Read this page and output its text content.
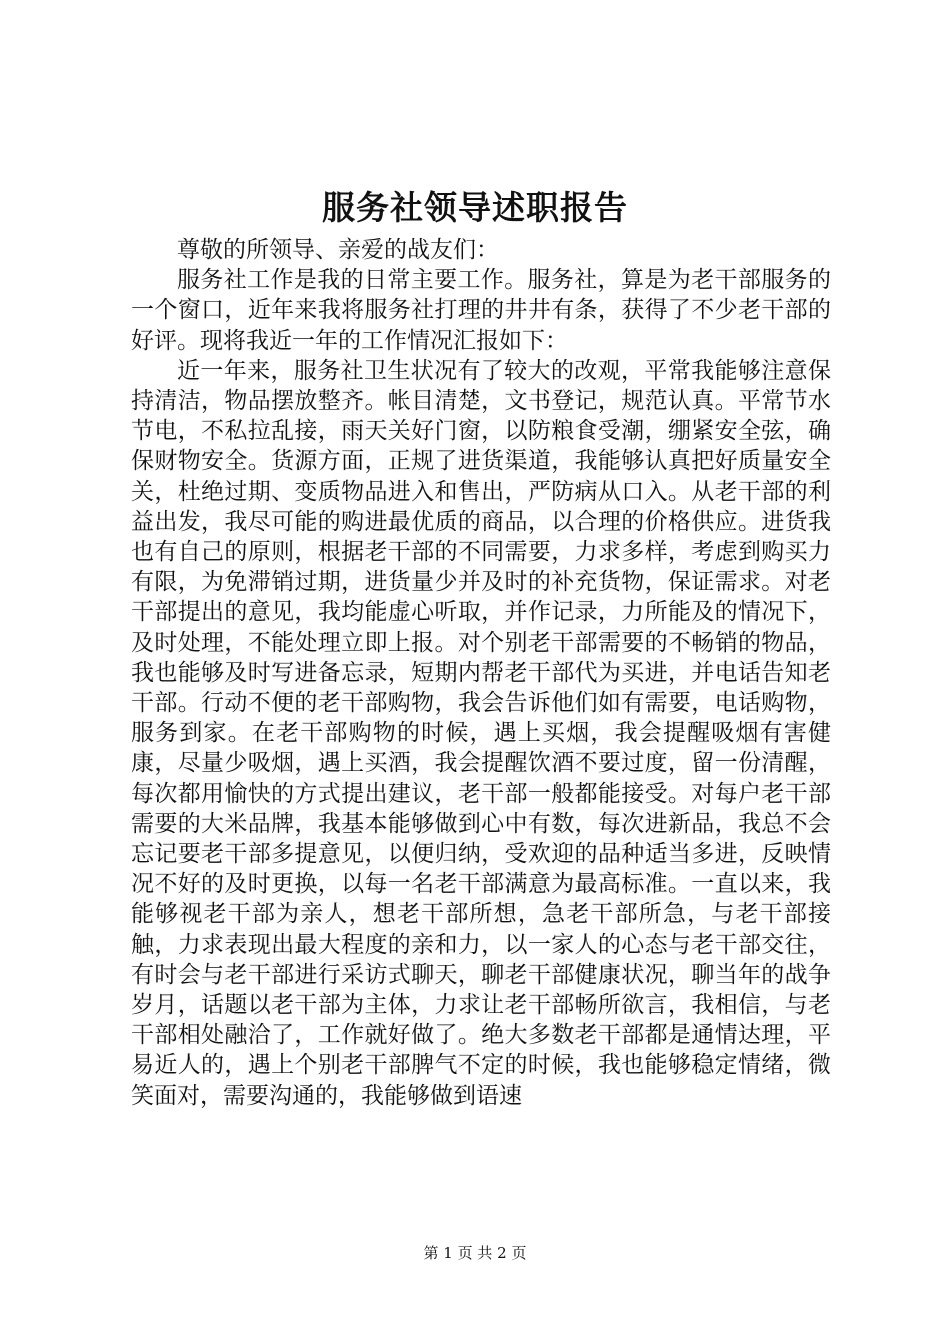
服务社领导述职报告

尊敬的所领导、亲爱的战友们：

服务社工作是我的日常主要工作。服务社，算是为老干部服务的一个窗口，近年来我将服务社打理的井井有条，获得了不少老干部的好评。现将我近一年的工作情况汇报如下：

近一年来，服务社卫生状况有了较大的改观，平常我能够注意保持清洁，物品摆放整齐。帐目清楚，文书登记，规范认真。平常节水节电，不私拉乱接，雨天关好门窗，以防粮食受潮，绷紧安全弦，确保财物安全。货源方面，正规了进货渠道，我能够认真把好质量安全关，杜绝过期、变质物品进入和售出，严防病从口入。从老干部的利益出发，我尽可能的购进最优质的商品，以合理的价格供应。进货我也有自己的原则，根据老干部的不同需要，力求多样，考虑到购买力有限，为免滞销过期，进货量少并及时的补充货物，保证需求。对老干部提出的意见，我均能虚心听取，并作记录，力所能及的情况下，及时处理，不能处理立即上报。对个别老干部需要的不畅销的物品，我也能够及时写进备忘录，短期内帮老干部代为买进，并电话告知老干部。行动不便的老干部购物，我会告诉他们如有需要，电话购物，服务到家。在老干部购物的时候，遇上买烟，我会提醒吸烟有害健康，尽量少吸烟，遇上买酒，我会提醒饮酒不要过度，留一份清醒，每次都用愉快的方式提出建议，老干部一般都能接受。对每户老干部需要的大米品牌，我基本能够做到心中有数，每次进新品，我总不会忘记要老干部多提意见，以便归纳，受欢迎的品种适当多进，反映情况不好的及时更换，以每一名老干部满意为最高标准。一直以来，我能够视老干部为亲人，想老干部所想，急老干部所急，与老干部接触，力求表现出最大程度的亲和力，以一家人的心态与老干部交往，有时会与老干部进行采访式聊天，聊老干部健康状况，聊当年的战争岁月，话题以老干部为主体，力求让老干部畅所欲言，我相信，与老干部相处融洽了，工作就好做了。绝大多数老干部都是通情达理，平易近人的，遇上个别老干部脾气不定的时候，我也能够稳定情绪，微笑面对，需要沟通的，我能够做到语速

第 1 页 共 2 页
